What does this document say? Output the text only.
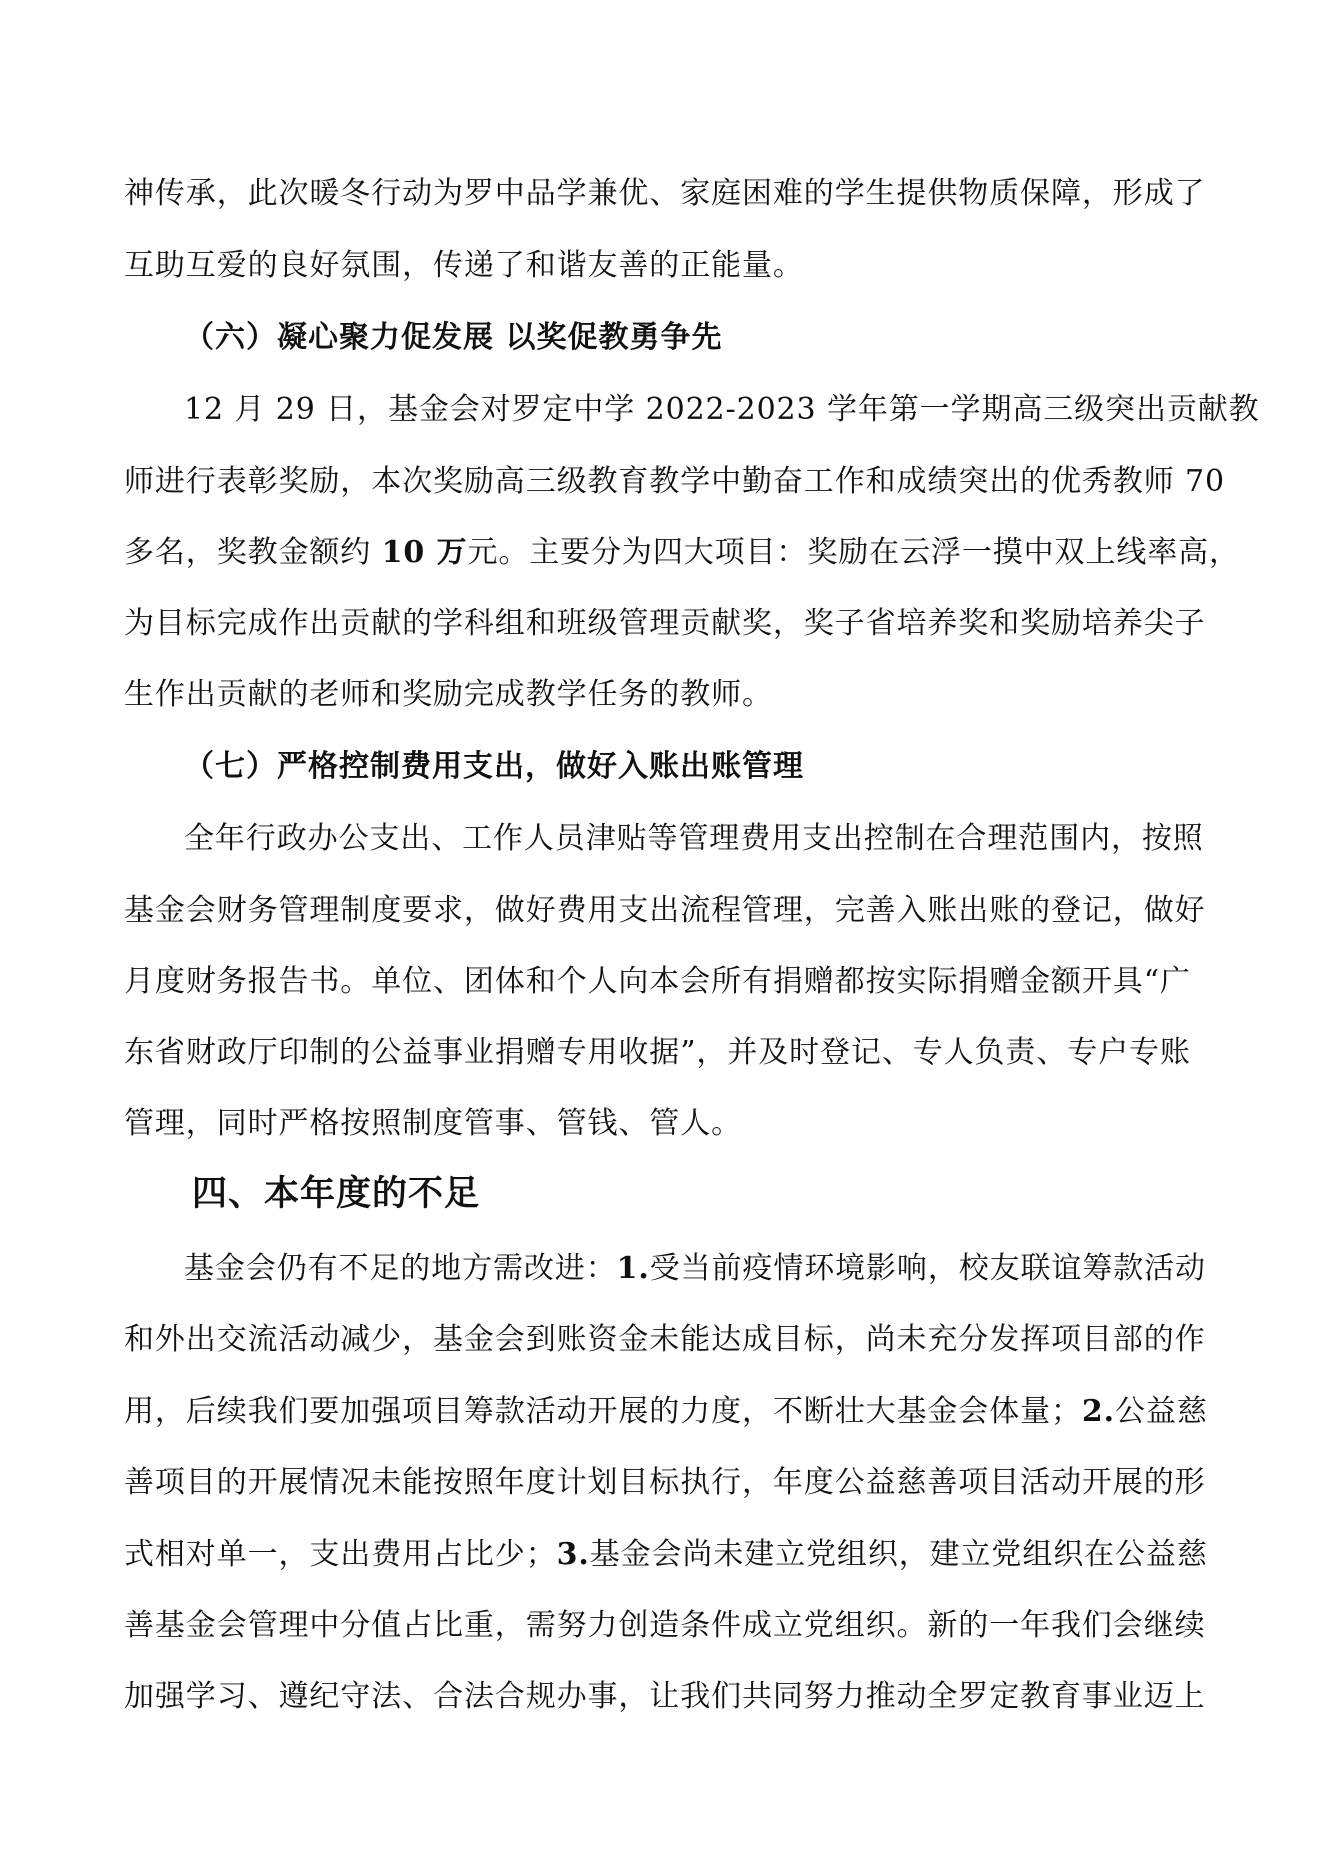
神传承，此次暖冬行动为罗中品学兼优、家庭困难的学生提供物质保障，形成了
互助互爱的良好氛围，传递了和谐友善的正能量。
（六）凝心聚力促发展 以奖促教勇争先
12 月 29 日，基金会对罗定中学 2022-2023 学年第一学期高三级突出贡献教
师进行表彰奖励，本次奖励高三级教育教学中勤奋工作和成绩突出的优秀教师 70
多名，奖教金额约 10 万元。主要分为四大项目：奖励在云浮一摸中双上线率高，
为目标完成作出贡献的学科组和班级管理贡献奖，奖子省培养奖和奖励培养尖子
生作出贡献的老师和奖励完成教学任务的教师。
（七）严格控制费用支出，做好入账出账管理
全年行政办公支出、工作人员津贴等管理费用支出控制在合理范围内，按照
基金会财务管理制度要求，做好费用支出流程管理，完善入账出账的登记，做好
月度财务报告书。单位、团体和个人向本会所有捐赠都按实际捐赠金额开具“广
东省财政厅印制的公益事业捐赠专用收据”，并及时登记、专人负责、专户专账
管理，同时严格按照制度管事、管钱、管人。
四、本年度的不足
基金会仍有不足的地方需改进：1.受当前疫情环境影响，校友联谊筹款活动
和外出交流活动减少，基金会到账资金未能达成目标，尚未充分发挥项目部的作
用，后续我们要加强项目筹款活动开展的力度，不断壮大基金会体量；2.公益慈
善项目的开展情况未能按照年度计划目标执行，年度公益慈善项目活动开展的形
式相对单一，支出费用占比少；3.基金会尚未建立党组织，建立党组织在公益慈
善基金会管理中分值占比重，需努力创造条件成立党组织。新的一年我们会继续
加强学习、遵纪守法、合法合规办事，让我们共同努力推动全罗定教育事业迈上
